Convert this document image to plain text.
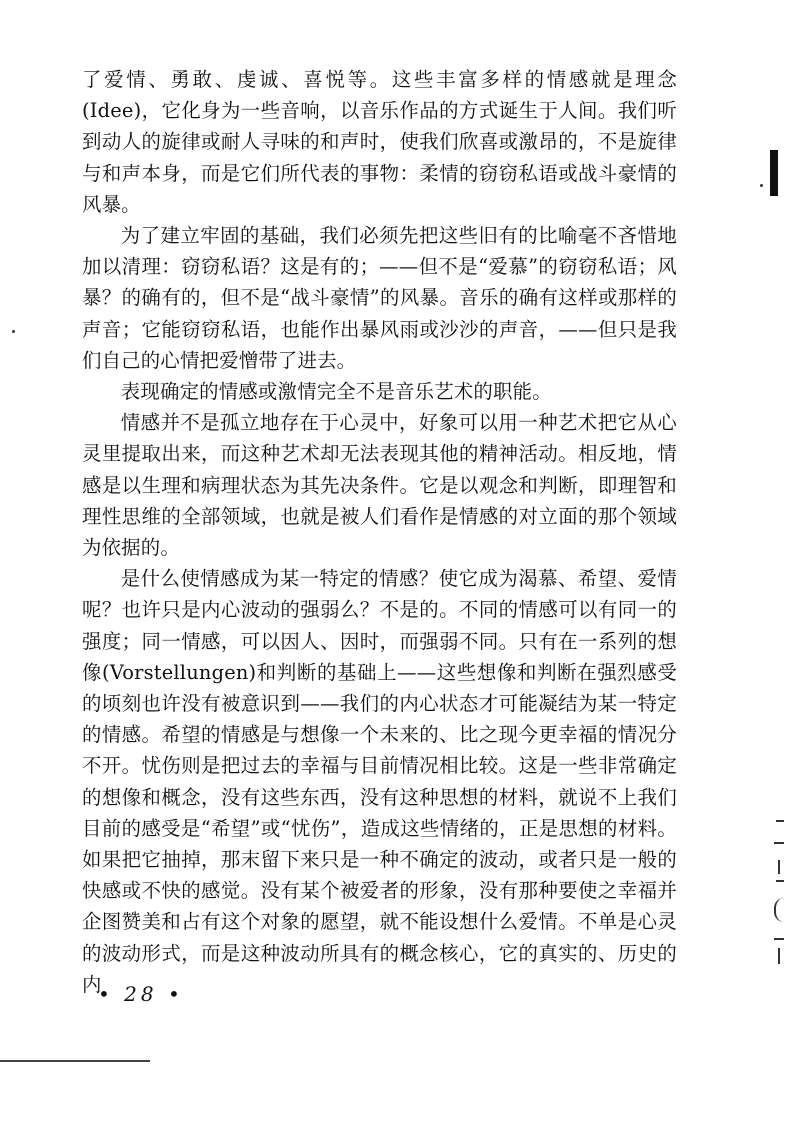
了爱情、勇敢、虔诚、喜悦等。这些丰富多样的情感就是理念(Idee)，它化身为一些音响，以音乐作品的方式诞生于人间。我们听到动人的旋律或耐人寻味的和声时，使我们欣喜或激昂的，不是旋律与和声本身，而是它们所代表的事物：柔情的窃窃私语或战斗豪情的风暴。

为了建立牢固的基础，我们必须先把这些旧有的比喻毫不吝惜地加以清理：窃窃私语？这是有的；——但不是“爱慕”的窃窃私语；风暴？的确有的，但不是“战斗豪情”的风暴。音乐的确有这样或那样的声音；它能窃窃私语，也能作出暴风雨或沙沙的声音，——但只是我们自己的心情把爱憎带了进去。

表现确定的情感或激情完全不是音乐艺术的职能。

情感并不是孤立地存在于心灵中，好象可以用一种艺术把它从心灵里提取出来，而这种艺术却无法表现其他的精神活动。相反地，情感是以生理和病理状态为其先决条件。它是以观念和判断，即理智和理性思维的全部领域，也就是被人们看作是情感的对立面的那个领域为依据的。

是什么使情感成为某一特定的情感？使它成为渴慕、希望、爱情呢？也许只是内心波动的强弱么？不是的。不同的情感可以有同一的强度；同一情感，可以因人、因时，而强弱不同。只有在一系列的想像(Vorstellungen)和判断的基础上——这些想像和判断在强烈感受的顷刻也许没有被意识到——我们的内心状态才可能凝结为某一特定的情感。希望的情感是与想像一个未来的、比之现今更幸福的情况分不开。忧伤则是把过去的幸福与目前情况相比较。这是一些非常确定的想像和概念，没有这些东西，没有这种思想的材料，就说不上我们目前的感受是“希望”或“忧伤”，造成这些情绪的，正是思想的材料。如果把它抽掉，那末留下来只是一种不确定的波动，或者只是一般的快感或不快的感觉。没有某个被爱者的形象，没有那种要使之幸福并企图赞美和占有这个对象的愿望，就不能设想什么爱情。不单是心灵的波动形式，而是这种波动所具有的概念核心，它的真实的、历史的内

• 28 •
